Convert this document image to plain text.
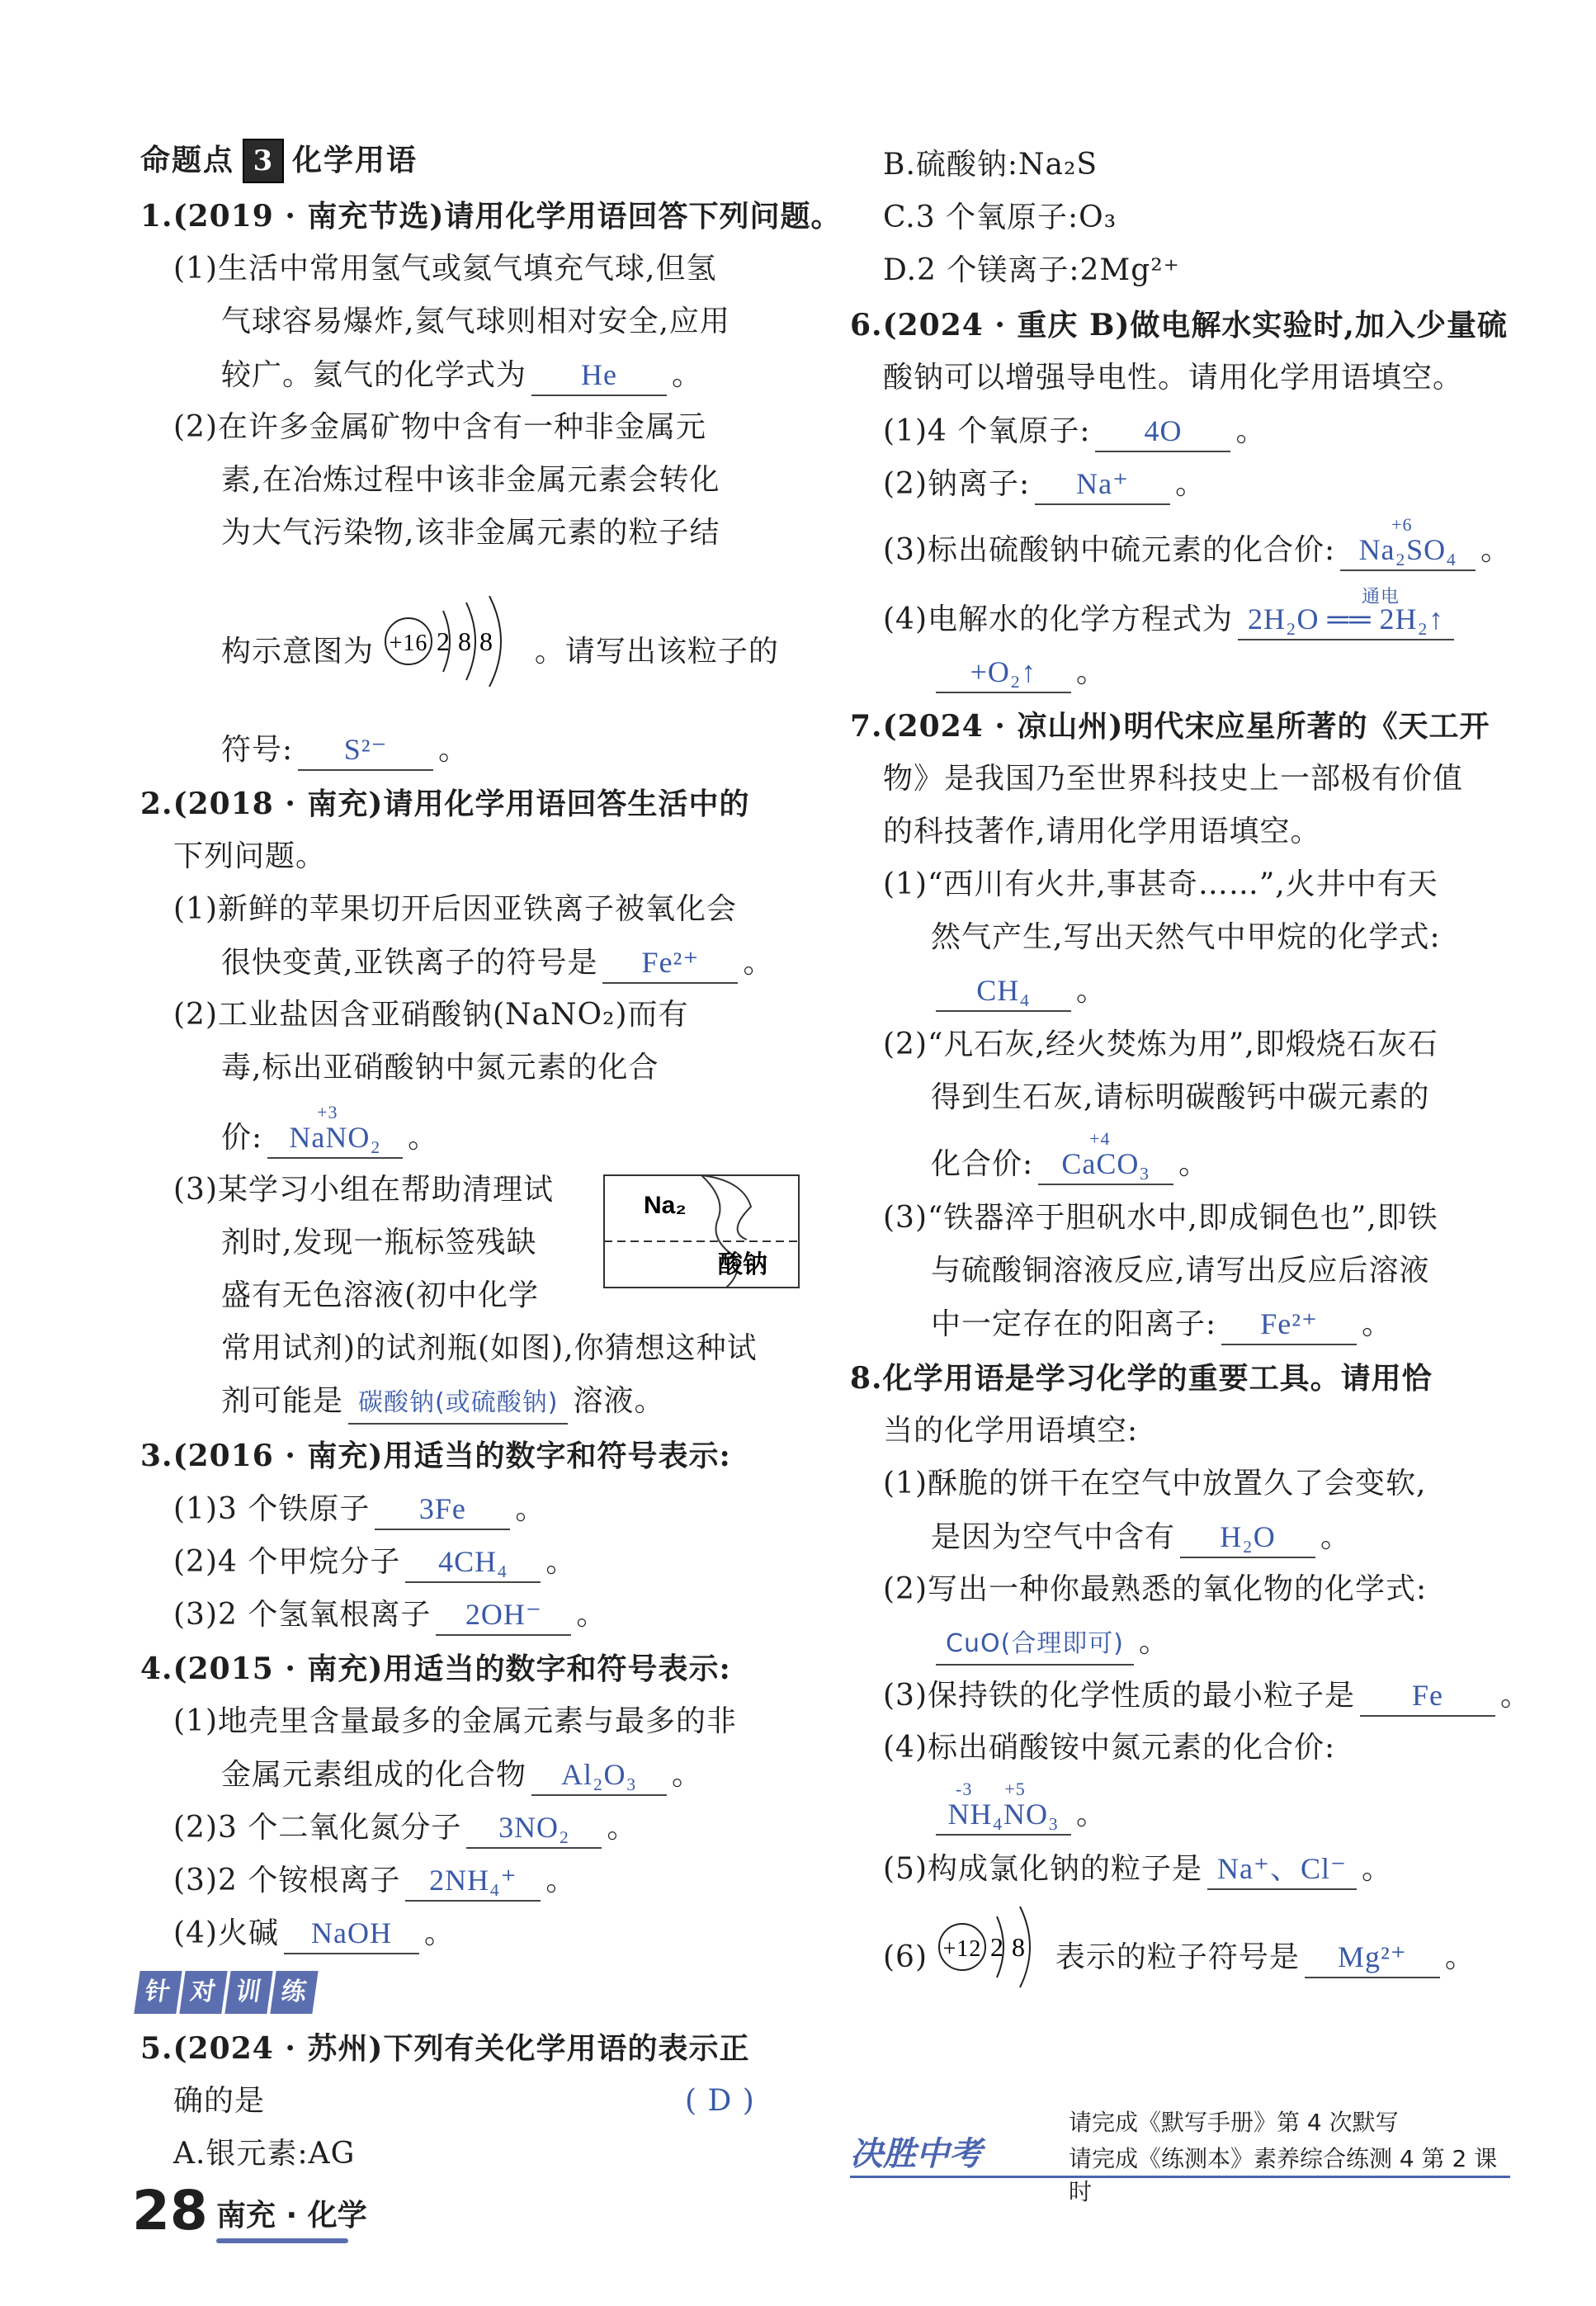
命题点 3 化学用语
1.(2019 · 南充节选)请用化学用语回答下列问题。
(1)生活中常用氢气或氦气填充气球,但氢
气球容易爆炸,氦气球则相对安全,应用
较广。氦气的化学式为 He 。
(2)在许多金属矿物中含有一种非金属元
素,在冶炼过程中该非金属元素会转化
为大气污染物,该非金属元素的粒子结
构示意图为 +16 2 8 8 。请写出该粒子的
符号: S²⁻ 。
2.(2018 · 南充)请用化学用语回答生活中的
下列问题。
(1)新鲜的苹果切开后因亚铁离子被氧化会
很快变黄,亚铁离子的符号是 Fe²⁺ 。
(2)工业盐因含亚硝酸钠(NaNO₂)而有
毒,标出亚硝酸钠中氮元素的化合
价:
+3
NaNO₂ 。
(3)某学习小组在帮助清理试
剂时,发现一瓶标签残缺
盛有无色溶液(初中化学
Na₂
酸钠
常用试剂)的试剂瓶(如图),你猜想这种试
剂可能是 碳酸钠(或硫酸钠) 溶液。
3.(2016 · 南充)用适当的数字和符号表示:
(1)3 个铁原子 3Fe 。
(2)4 个甲烷分子 4CH₄ 。
(3)2 个氢氧根离子 2OH⁻ 。
4.(2015 · 南充)用适当的数字和符号表示:
(1)地壳里含量最多的金属元素与最多的非
金属元素组成的化合物 Al₂O₃ 。
(2)3 个二氧化氮分子 3NO₂ 。
(3)2 个铵根离子 2NH₄⁺ 。
(4)火碱 NaOH 。
针 对 训 练
5.(2024 · 苏州)下列有关化学用语的表示正
确的是	( D )
A.银元素:AG
B.硫酸钠:Na₂S
C.3 个氧原子:O₃
D.2 个镁离子:2Mg²⁺
6.(2024 · 重庆 B)做电解水实验时,加入少量硫
酸钠可以增强导电性。请用化学用语填空。
(1)4 个氧原子: 4O 。
(2)钠离子: Na⁺ 。
(3)标出硫酸钠中硫元素的化合价:
+6
Na₂SO₄ 。
(4)电解水的化学方程式为
通电
2H₂O ══ 2H₂↑
+O₂↑ 。
7.(2024 · 凉山州)明代宋应星所著的《天工开
物》是我国乃至世界科技史上一部极有价值
的科技著作,请用化学用语填空。
(1)“西川有火井,事甚奇……”,火井中有天
然气产生,写出天然气中甲烷的化学式:
CH₄ 。
(2)“凡石灰,经火焚炼为用”,即煅烧石灰石
得到生石灰,请标明碳酸钙中碳元素的
化合价:
+4
CaCO₃ 。
(3)“铁器淬于胆矾水中,即成铜色也”,即铁
与硫酸铜溶液反应,请写出反应后溶液
中一定存在的阳离子: Fe²⁺ 。
8.化学用语是学习化学的重要工具。请用恰
当的化学用语填空:
(1)酥脆的饼干在空气中放置久了会变软,
是因为空气中含有 H₂O 。
(2)写出一种你最熟悉的氧化物的化学式:
CuO(合理即可) 。
(3)保持铁的化学性质的最小粒子是 Fe 。
(4)标出硝酸铵中氮元素的化合价:
-3      +5
NH₄NO₃ 。
(5)构成氯化钠的粒子是 Na⁺、Cl⁻ 。
(6) +12 2 8 表示的粒子符号是 Mg²⁺ 。
28 南充 · 化学
决胜中考
请完成《默写手册》第 4 次默写
请完成《练测本》素养综合练测 4 第 2 课时
